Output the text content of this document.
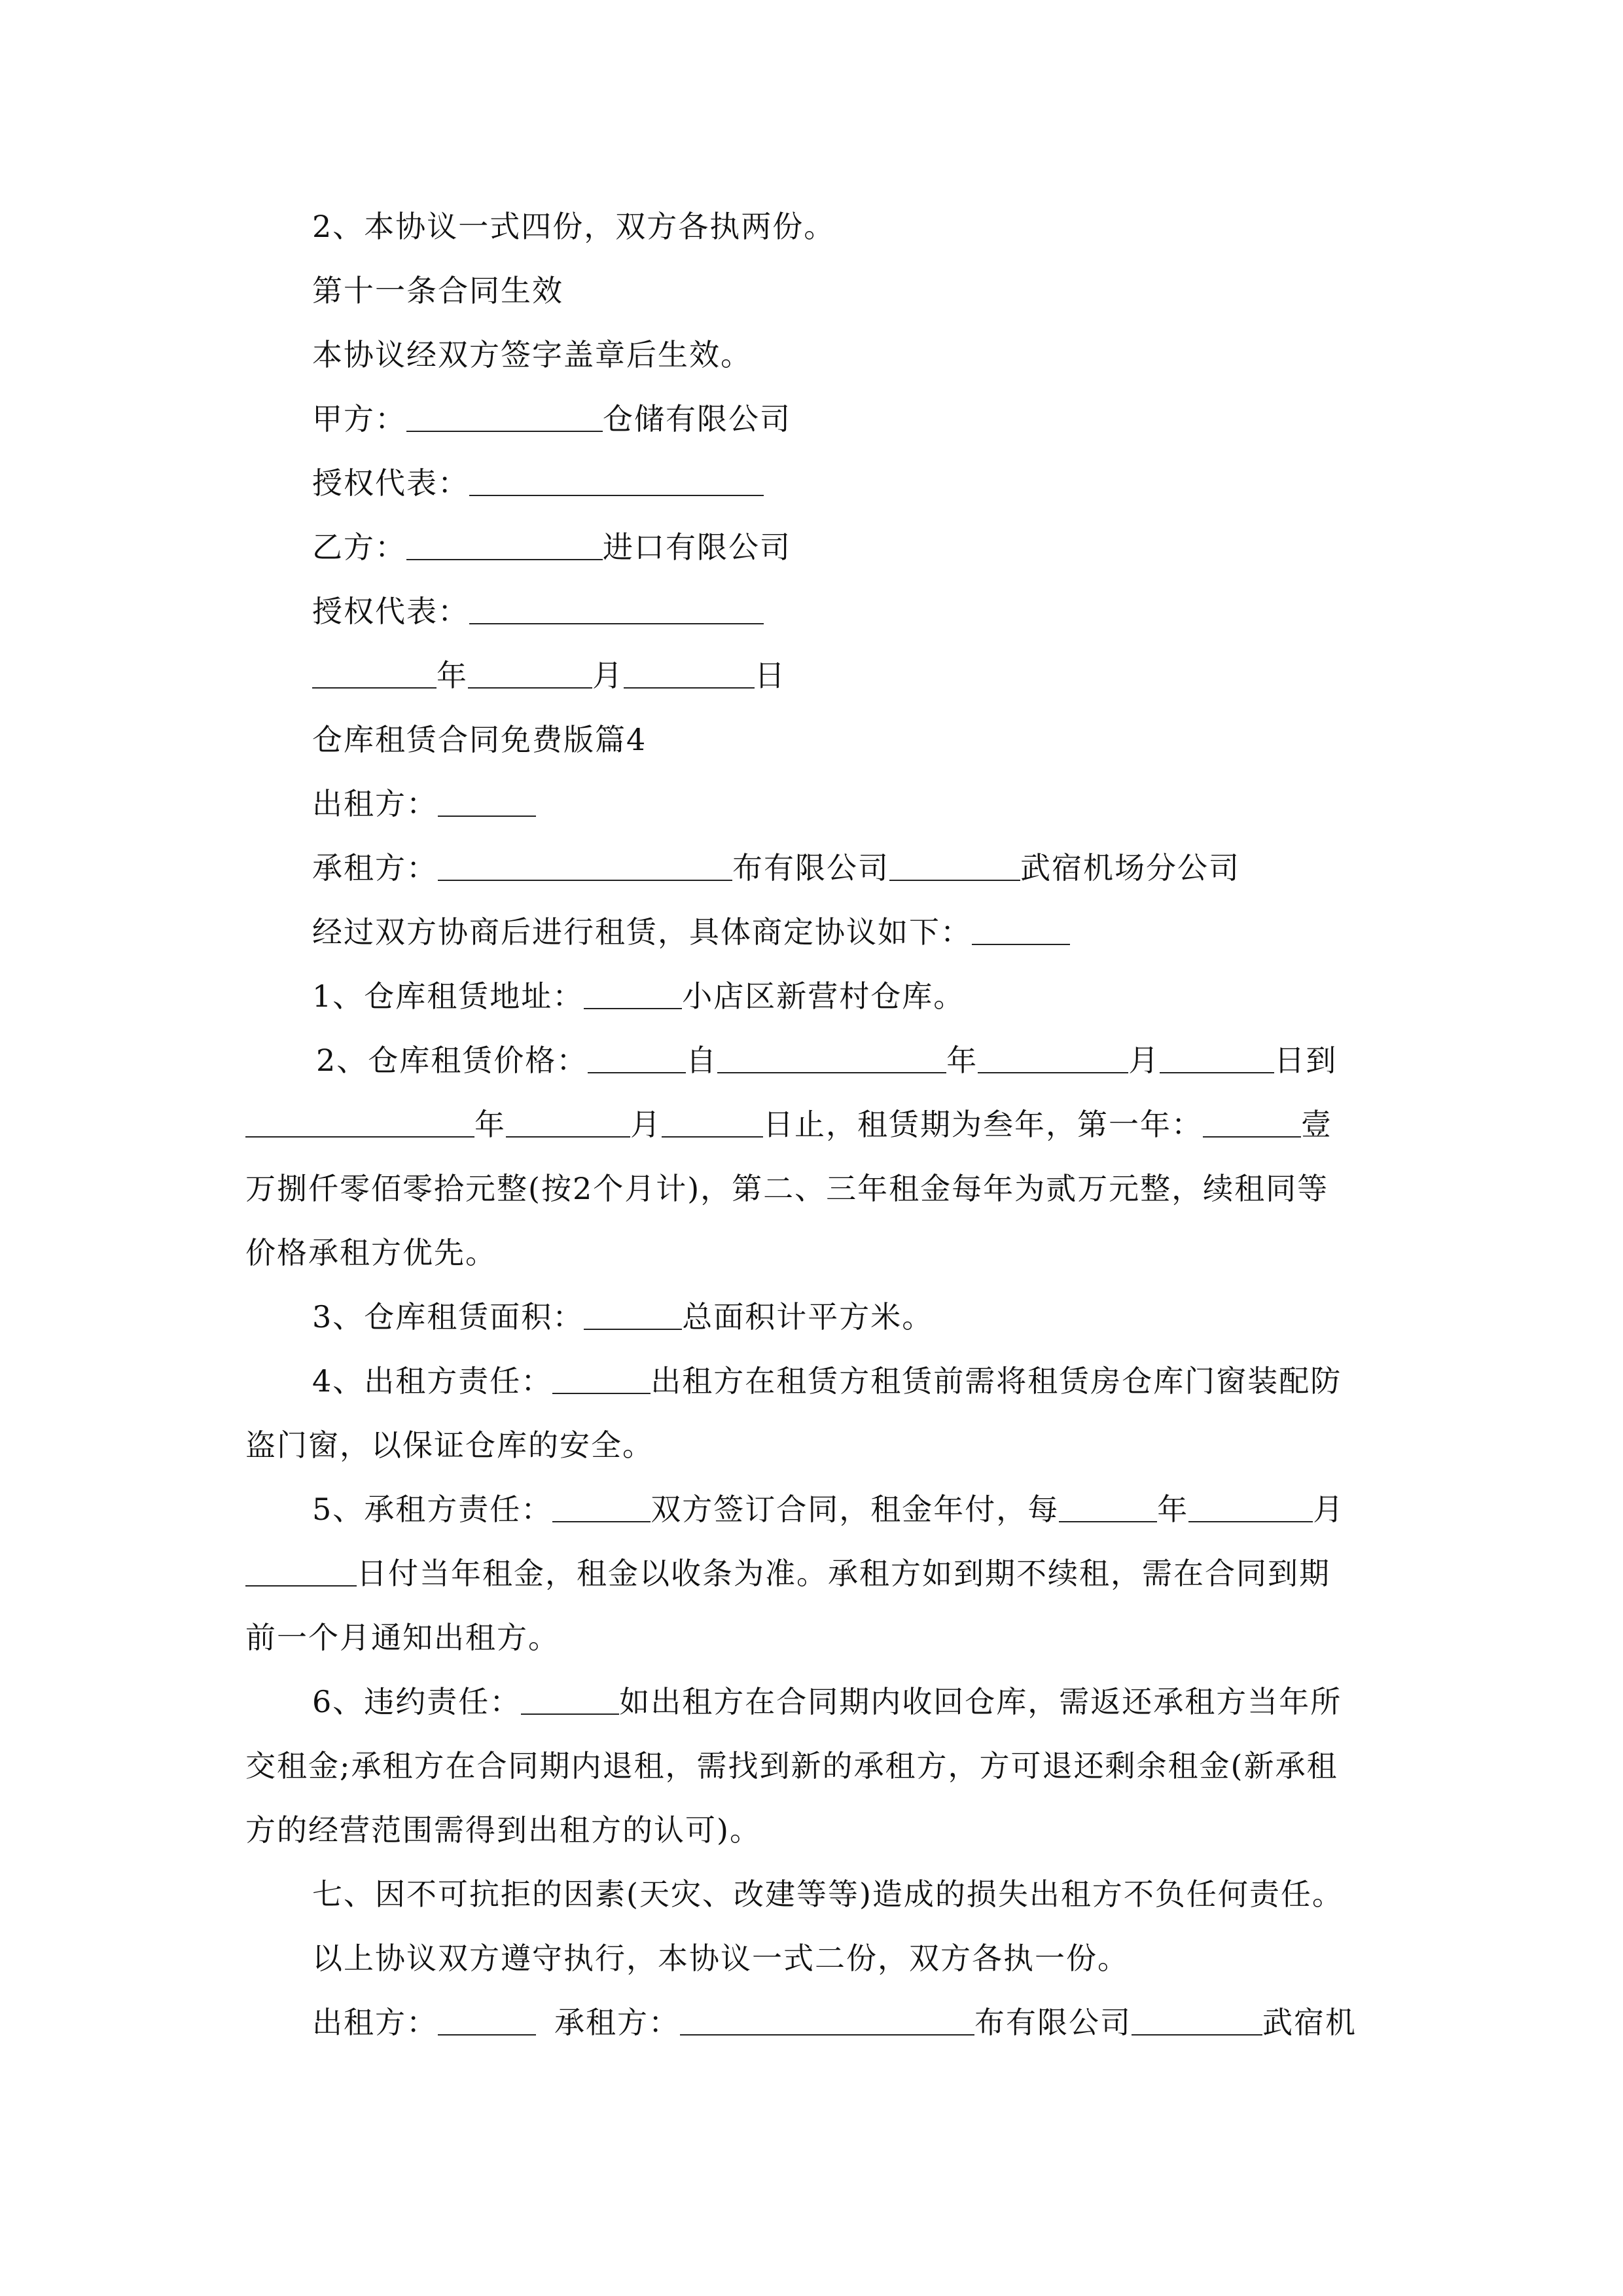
2、本协议一式四份，双方各执两份。
第十一条合同生效
本协议经双方签字盖章后生效。
甲方：	仓储有限公司
授权代表：
乙方：	进口有限公司
授权代表：
年	月	日
仓库租赁合同免费版篇4
出租方：
承租方：	布有限公司	武宿机场分公司
经过双方协商后进行租赁，具体商定协议如下：
1、仓库租赁地址：	小店区新营村仓库。
2、仓库租赁价格：	自	年	月	日到
年	月	日止，租赁期为叁年，第一年：	壹
万捌仟零佰零拾元整(按2个月计)，第二、三年租金每年为贰万元整，续租同等
价格承租方优先。
3、仓库租赁面积：	总面积计平方米。
4、出租方责任：	出租方在租赁方租赁前需将租赁房仓库门窗装配防
盗门窗，以保证仓库的安全。
5、承租方责任：	双方签订合同，租金年付，每	年	月
日付当年租金，租金以收条为准。承租方如到期不续租，需在合同到期
前一个月通知出租方。
6、违约责任：	如出租方在合同期内收回仓库，需返还承租方当年所
交租金;承租方在合同期内退租，需找到新的承租方，方可退还剩余租金(新承租
方的经营范围需得到出租方的认可)。
七、因不可抗拒的因素(天灾、改建等等)造成的损失出租方不负任何责任。
以上协议双方遵守执行，本协议一式二份，双方各执一份。
出租方：	承租方：	布有限公司	武宿机
